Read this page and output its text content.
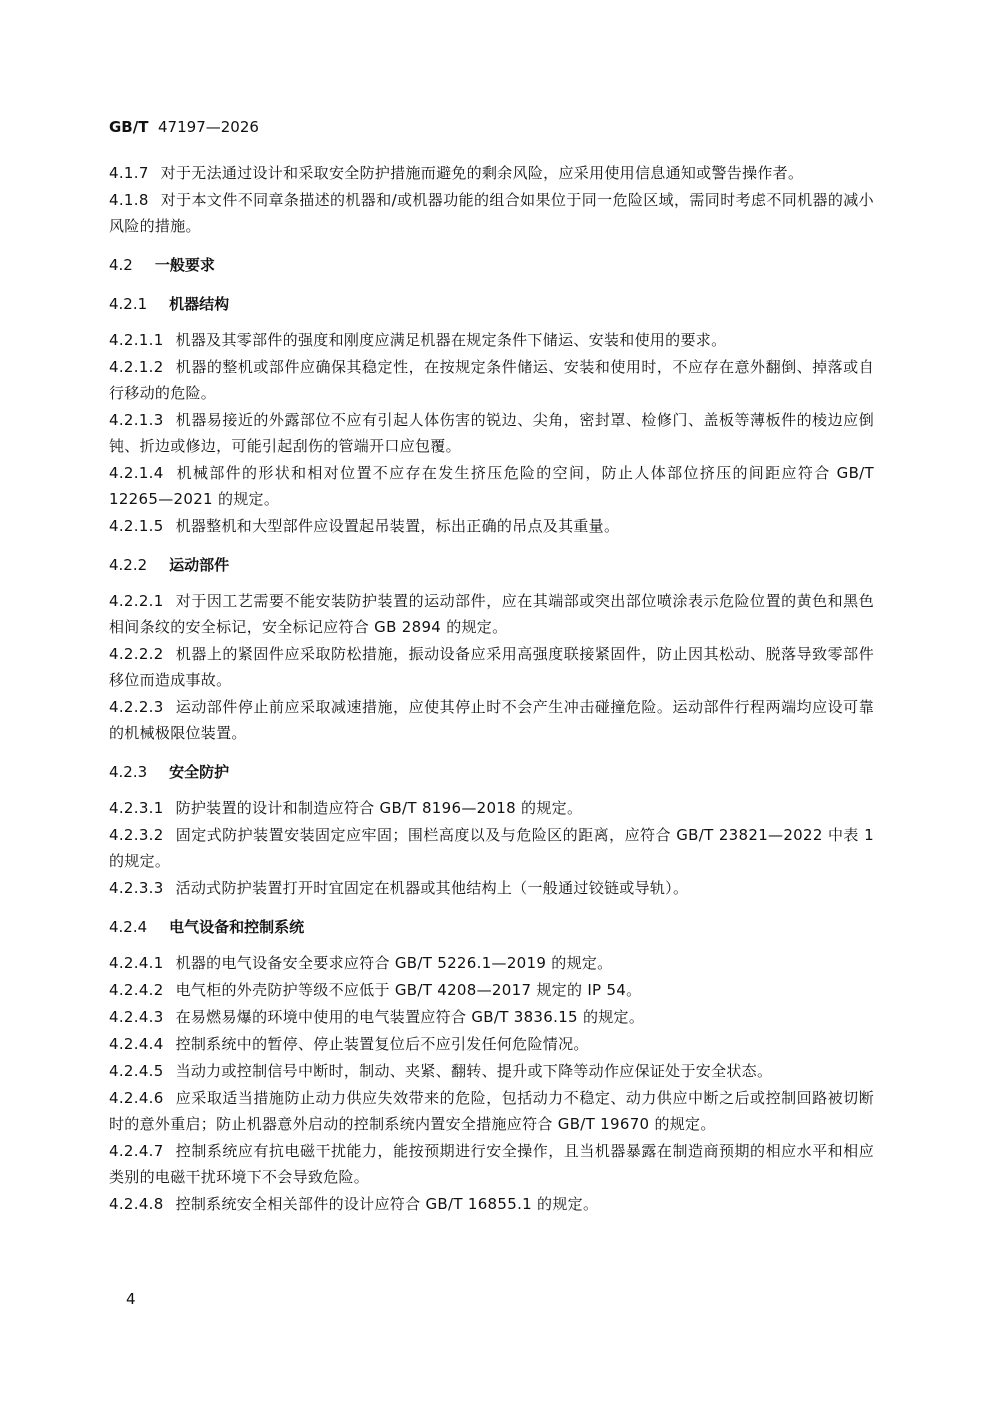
GB/T 47197—2026
4.1.7 对于无法通过设计和采取安全防护措施而避免的剩余风险，应采用使用信息通知或警告操作者。
4.1.8 对于本文件不同章条描述的机器和/或机器功能的组合如果位于同一危险区域，需同时考虑不同机器的减小风险的措施。
4.2 一般要求
4.2.1 机器结构
4.2.1.1 机器及其零部件的强度和刚度应满足机器在规定条件下储运、安装和使用的要求。
4.2.1.2 机器的整机或部件应确保其稳定性，在按规定条件储运、安装和使用时，不应存在意外翻倒、掉落或自行移动的危险。
4.2.1.3 机器易接近的外露部位不应有引起人体伤害的锐边、尖角，密封罩、检修门、盖板等薄板件的棱边应倒钝、折边或修边，可能引起刮伤的管端开口应包覆。
4.2.1.4 机械部件的形状和相对位置不应存在发生挤压危险的空间，防止人体部位挤压的间距应符合 GB/T 12265—2021 的规定。
4.2.1.5 机器整机和大型部件应设置起吊装置，标出正确的吊点及其重量。
4.2.2 运动部件
4.2.2.1 对于因工艺需要不能安装防护装置的运动部件，应在其端部或突出部位喷涂表示危险位置的黄色和黑色相间条纹的安全标记，安全标记应符合 GB 2894 的规定。
4.2.2.2 机器上的紧固件应采取防松措施，振动设备应采用高强度联接紧固件，防止因其松动、脱落导致零部件移位而造成事故。
4.2.2.3 运动部件停止前应采取减速措施，应使其停止时不会产生冲击碰撞危险。运动部件行程两端均应设可靠的机械极限位装置。
4.2.3 安全防护
4.2.3.1 防护装置的设计和制造应符合 GB/T 8196—2018 的规定。
4.2.3.2 固定式防护装置安装固定应牢固；围栏高度以及与危险区的距离，应符合 GB/T 23821—2022 中表 1 的规定。
4.2.3.3 活动式防护装置打开时宜固定在机器或其他结构上（一般通过铰链或导轨）。
4.2.4 电气设备和控制系统
4.2.4.1 机器的电气设备安全要求应符合 GB/T 5226.1—2019 的规定。
4.2.4.2 电气柜的外壳防护等级不应低于 GB/T 4208—2017 规定的 IP 54。
4.2.4.3 在易燃易爆的环境中使用的电气装置应符合 GB/T 3836.15 的规定。
4.2.4.4 控制系统中的暂停、停止装置复位后不应引发任何危险情况。
4.2.4.5 当动力或控制信号中断时，制动、夹紧、翻转、提升或下降等动作应保证处于安全状态。
4.2.4.6 应采取适当措施防止动力供应失效带来的危险，包括动力不稳定、动力供应中断之后或控制回路被切断时的意外重启；防止机器意外启动的控制系统内置安全措施应符合 GB/T 19670 的规定。
4.2.4.7 控制系统应有抗电磁干扰能力，能按预期进行安全操作，且当机器暴露在制造商预期的相应水平和相应类别的电磁干扰环境下不会导致危险。
4.2.4.8 控制系统安全相关部件的设计应符合 GB/T 16855.1 的规定。
4
